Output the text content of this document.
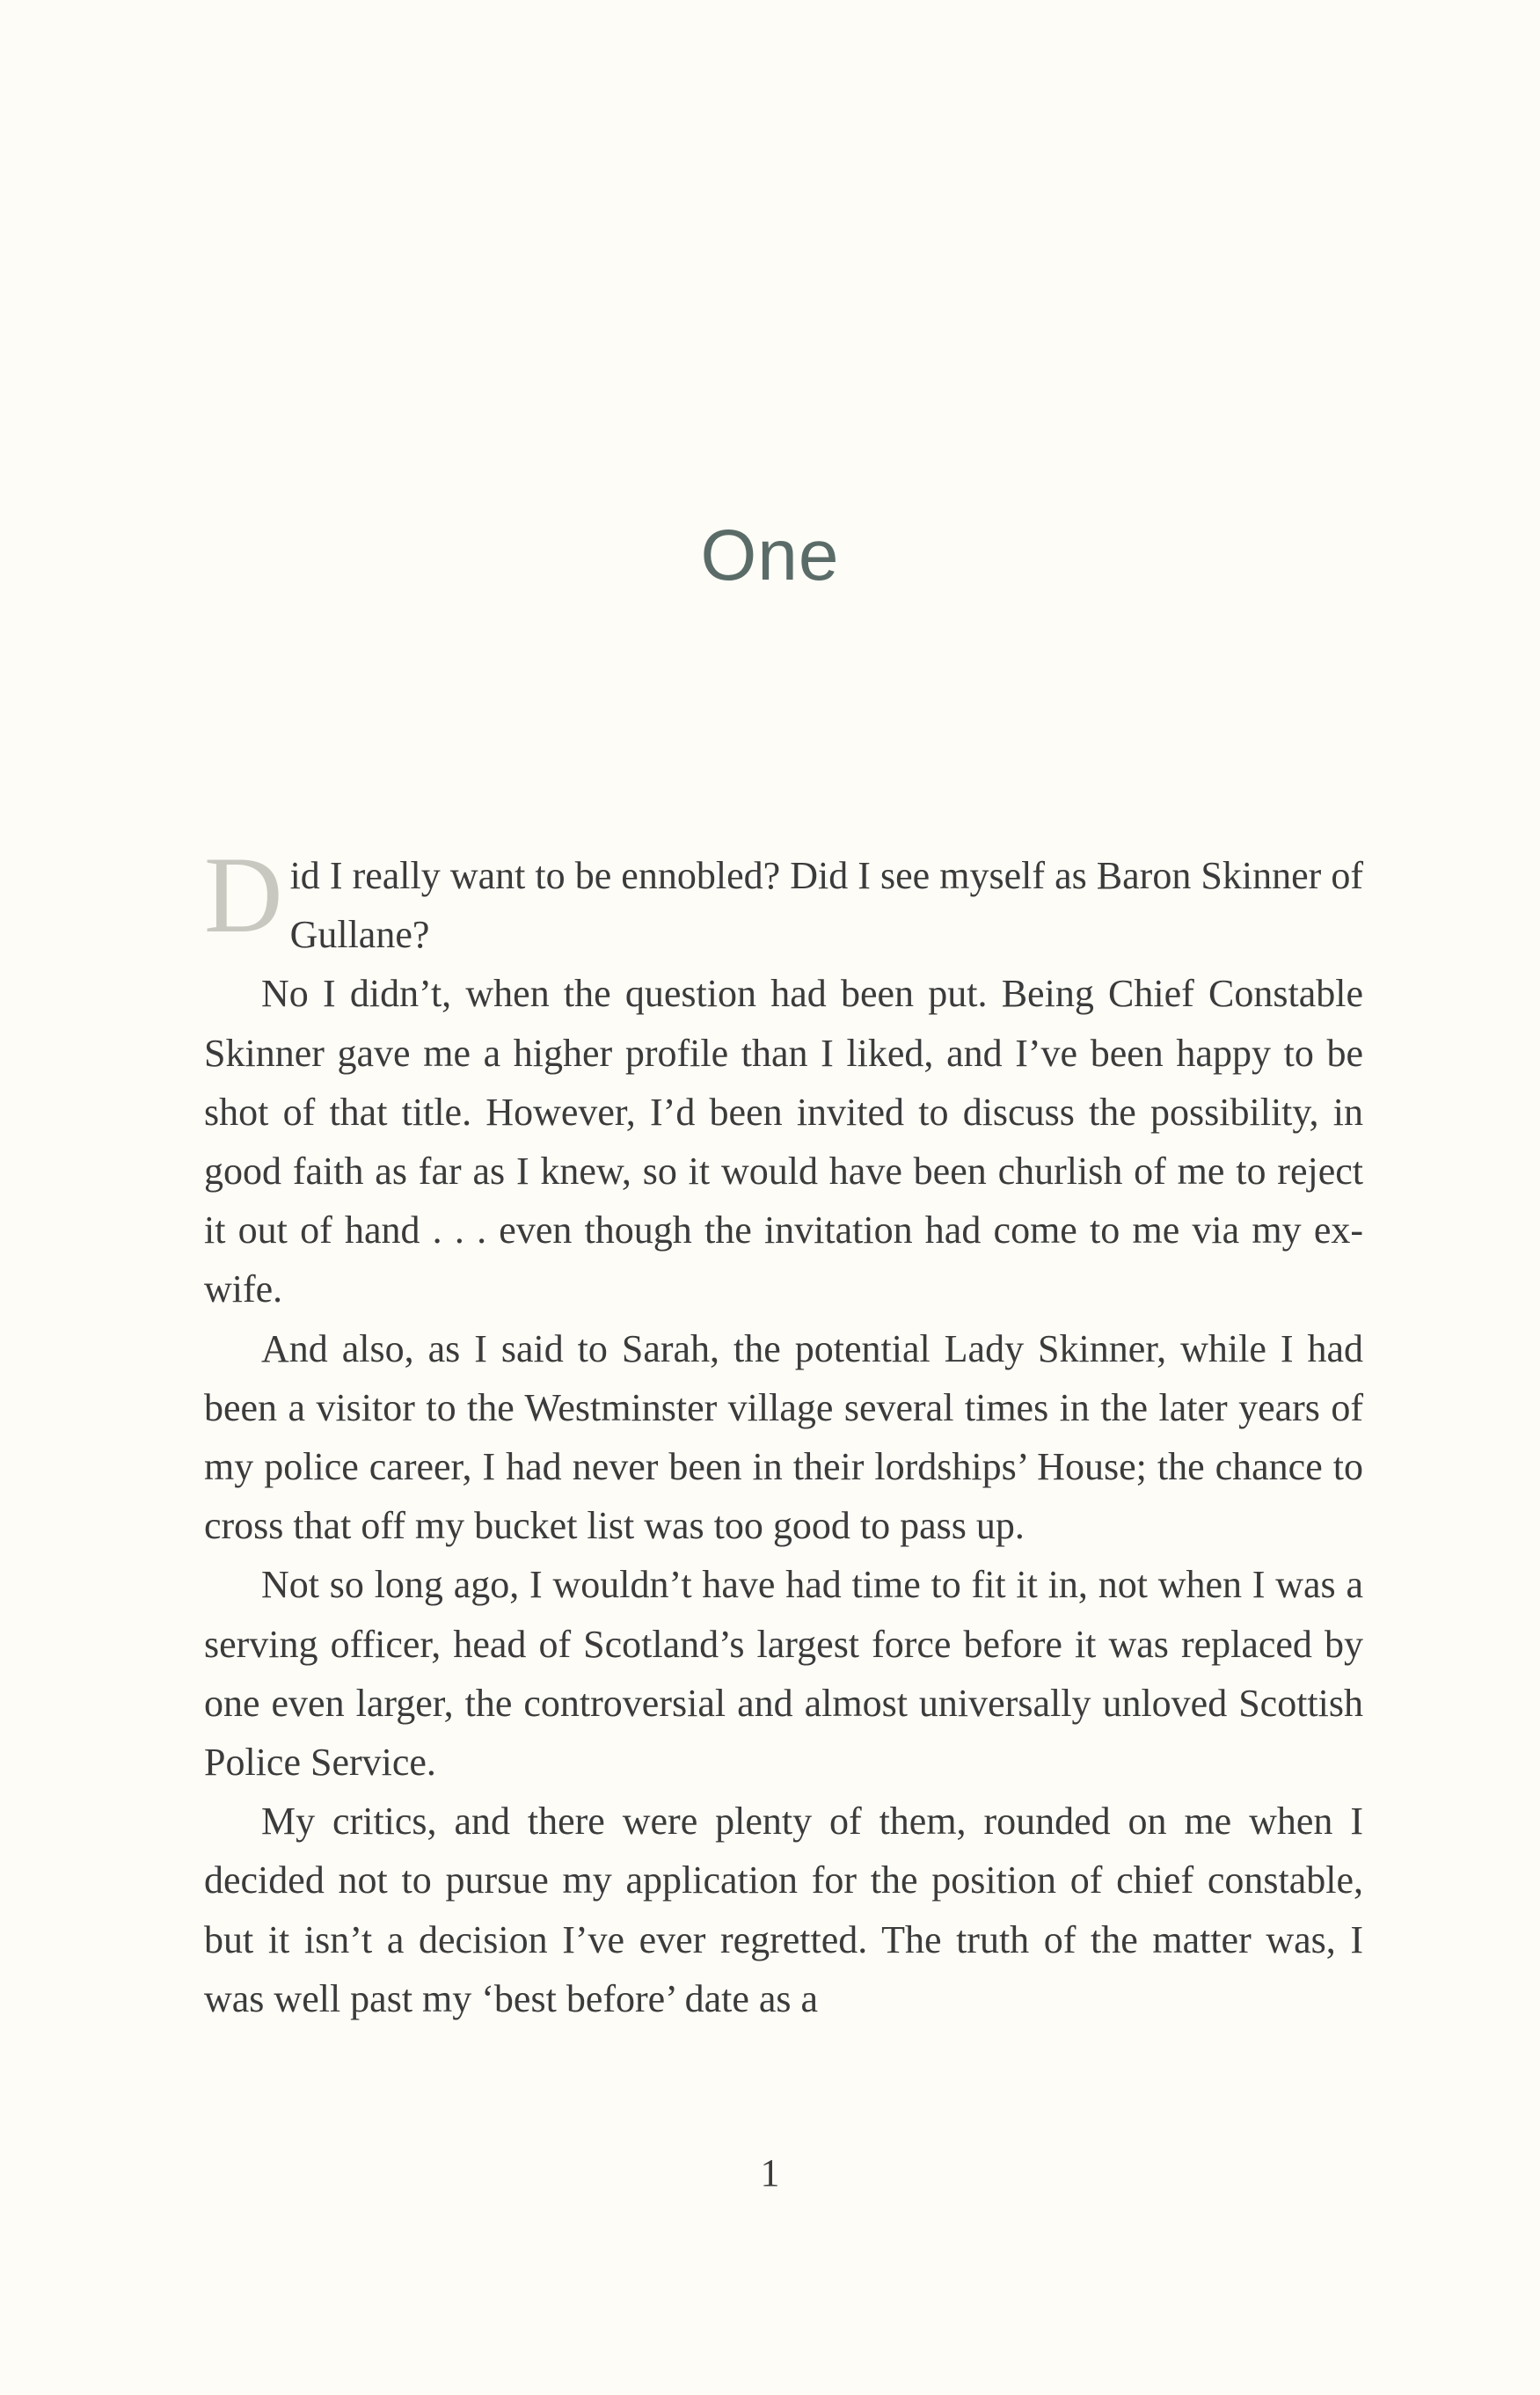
One

Did I really want to be ennobled? Did I see myself as Baron Skinner of Gullane?

No I didn’t, when the question had been put. Being Chief Constable Skinner gave me a higher profile than I liked, and I’ve been happy to be shot of that title. However, I’d been invited to discuss the possibility, in good faith as far as I knew, so it would have been churlish of me to reject it out of hand . . . even though the invitation had come to me via my ex-wife.

And also, as I said to Sarah, the potential Lady Skinner, while I had been a visitor to the Westminster village several times in the later years of my police career, I had never been in their lordships’ House; the chance to cross that off my bucket list was too good to pass up.

Not so long ago, I wouldn’t have had time to fit it in, not when I was a serving officer, head of Scotland’s largest force before it was replaced by one even larger, the controversial and almost universally unloved Scottish Police Service.

My critics, and there were plenty of them, rounded on me when I decided not to pursue my application for the position of chief constable, but it isn’t a decision I’ve ever regretted. The truth of the matter was, I was well past my ‘best before’ date as a

1
